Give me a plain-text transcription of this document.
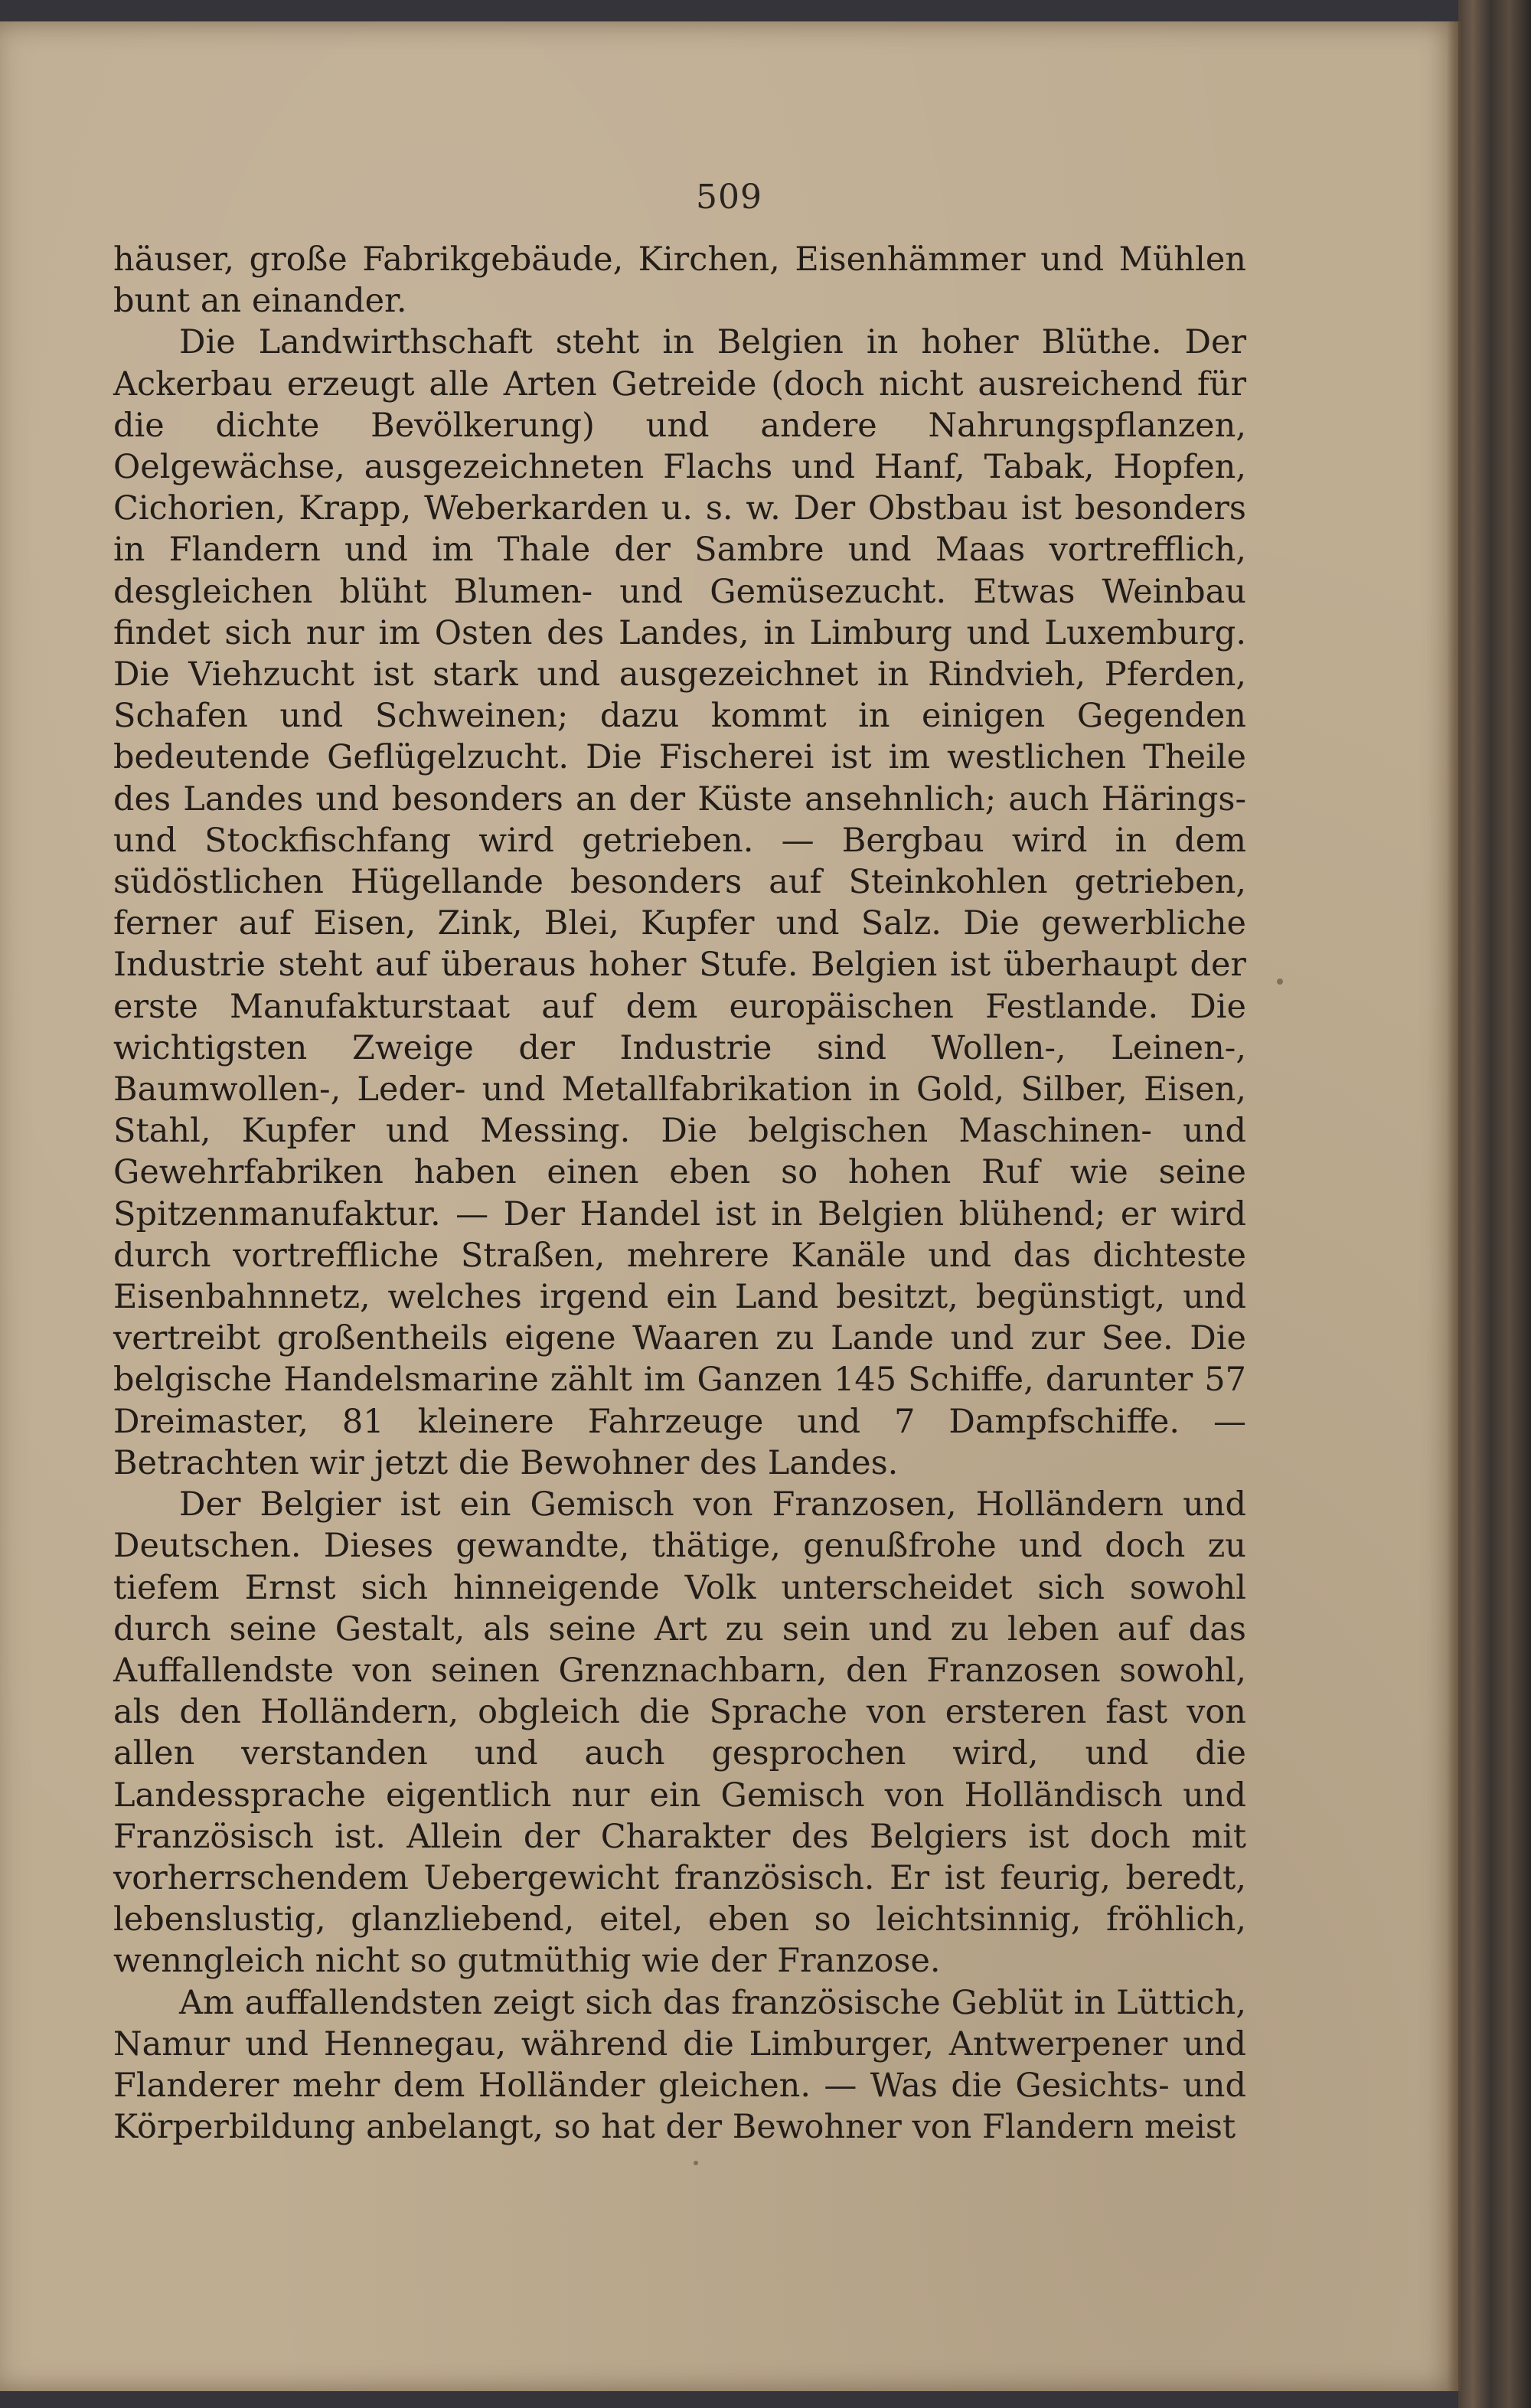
509

häuser, große Fabrikgebäude, Kirchen, Eisenhämmer und Mühlen bunt an einander.

Die Landwirthschaft steht in Belgien in hoher Blüthe. Der Ackerbau erzeugt alle Arten Getreide (doch nicht ausreichend für die dichte Bevölkerung) und andere Nahrungspflanzen, Oelgewächse, ausgezeichneten Flachs und Hanf, Tabak, Hopfen, Cichorien, Krapp, Weberkarden u. s. w. Der Obstbau ist besonders in Flandern und im Thale der Sambre und Maas vortrefflich, desgleichen blüht Blumen- und Gemüsezucht. Etwas Weinbau findet sich nur im Osten des Landes, in Limburg und Luxemburg. Die Viehzucht ist stark und ausgezeichnet in Rindvieh, Pferden, Schafen und Schweinen; dazu kommt in einigen Gegenden bedeutende Geflügelzucht. Die Fischerei ist im westlichen Theile des Landes und besonders an der Küste ansehnlich; auch Härings- und Stockfischfang wird getrieben. — Bergbau wird in dem südöstlichen Hügellande besonders auf Steinkohlen getrieben, ferner auf Eisen, Zink, Blei, Kupfer und Salz. Die gewerbliche Industrie steht auf überaus hoher Stufe. Belgien ist überhaupt der erste Manufakturstaat auf dem europäischen Festlande. Die wichtigsten Zweige der Industrie sind Wollen-, Leinen-, Baumwollen-, Leder- und Metallfabrikation in Gold, Silber, Eisen, Stahl, Kupfer und Messing. Die belgischen Maschinen- und Gewehrfabriken haben einen eben so hohen Ruf wie seine Spitzenmanufaktur. — Der Handel ist in Belgien blühend; er wird durch vortreffliche Straßen, mehrere Kanäle und das dichteste Eisenbahnnetz, welches irgend ein Land besitzt, begünstigt, und vertreibt großentheils eigene Waaren zu Lande und zur See. Die belgische Handelsmarine zählt im Ganzen 145 Schiffe, darunter 57 Dreimaster, 81 kleinere Fahrzeuge und 7 Dampfschiffe. — Betrachten wir jetzt die Bewohner des Landes.

Der Belgier ist ein Gemisch von Franzosen, Holländern und Deutschen. Dieses gewandte, thätige, genußfrohe und doch zu tiefem Ernst sich hinneigende Volk unterscheidet sich sowohl durch seine Gestalt, als seine Art zu sein und zu leben auf das Auffallendste von seinen Grenznachbarn, den Franzosen sowohl, als den Holländern, obgleich die Sprache von ersteren fast von allen verstanden und auch gesprochen wird, und die Landessprache eigentlich nur ein Gemisch von Holländisch und Französisch ist. Allein der Charakter des Belgiers ist doch mit vorherrschendem Uebergewicht französisch. Er ist feurig, beredt, lebenslustig, glanzliebend, eitel, eben so leichtsinnig, fröhlich, wenngleich nicht so gutmüthig wie der Franzose.

Am auffallendsten zeigt sich das französische Geblüt in Lüttich, Namur und Hennegau, während die Limburger, Antwerpener und Flanderer mehr dem Holländer gleichen. — Was die Gesichts- und Körperbildung anbelangt, so hat der Bewohner von Flandern meist
